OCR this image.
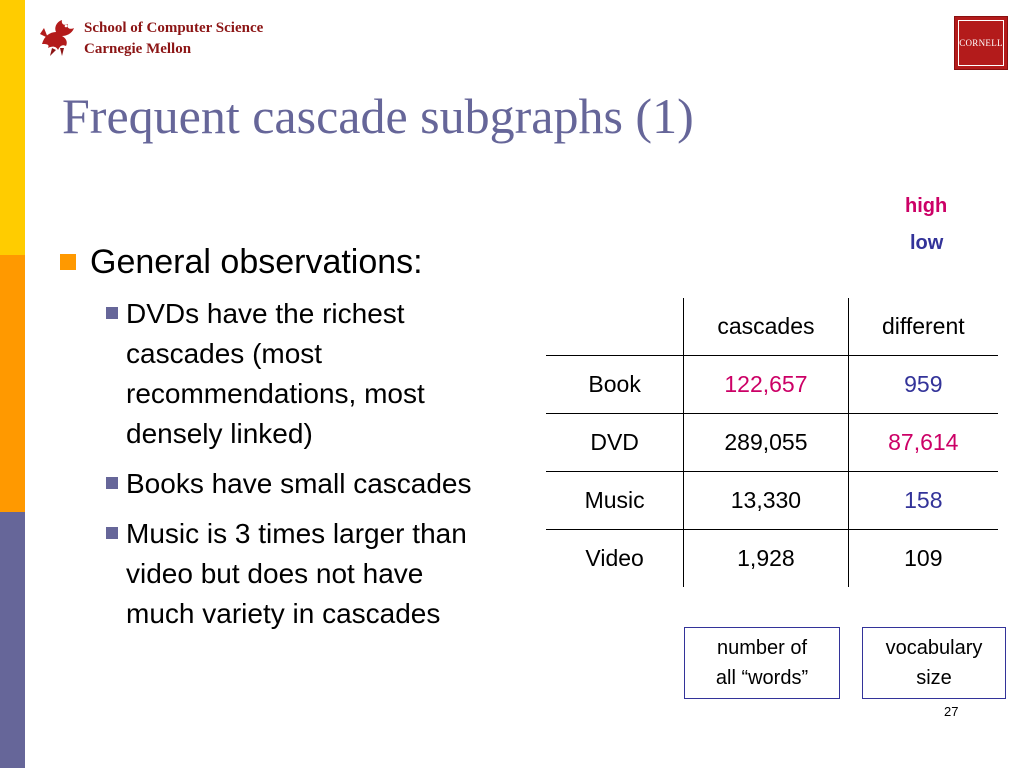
School of Computer Science
Carnegie Mellon	CORNELL
Frequent cascade subgraphs (1)
high
low
General observations:
DVDs have the richest cascades (most recommendations, most densely linked)
Books have small cascades
Music is 3 times larger than video but does not have much variety in cascades
	cascades	different
Book	122,657	959
DVD	289,055	87,614
Music	13,330	158
Video	1,928	109
number of
all “words”
vocabulary
size
27
